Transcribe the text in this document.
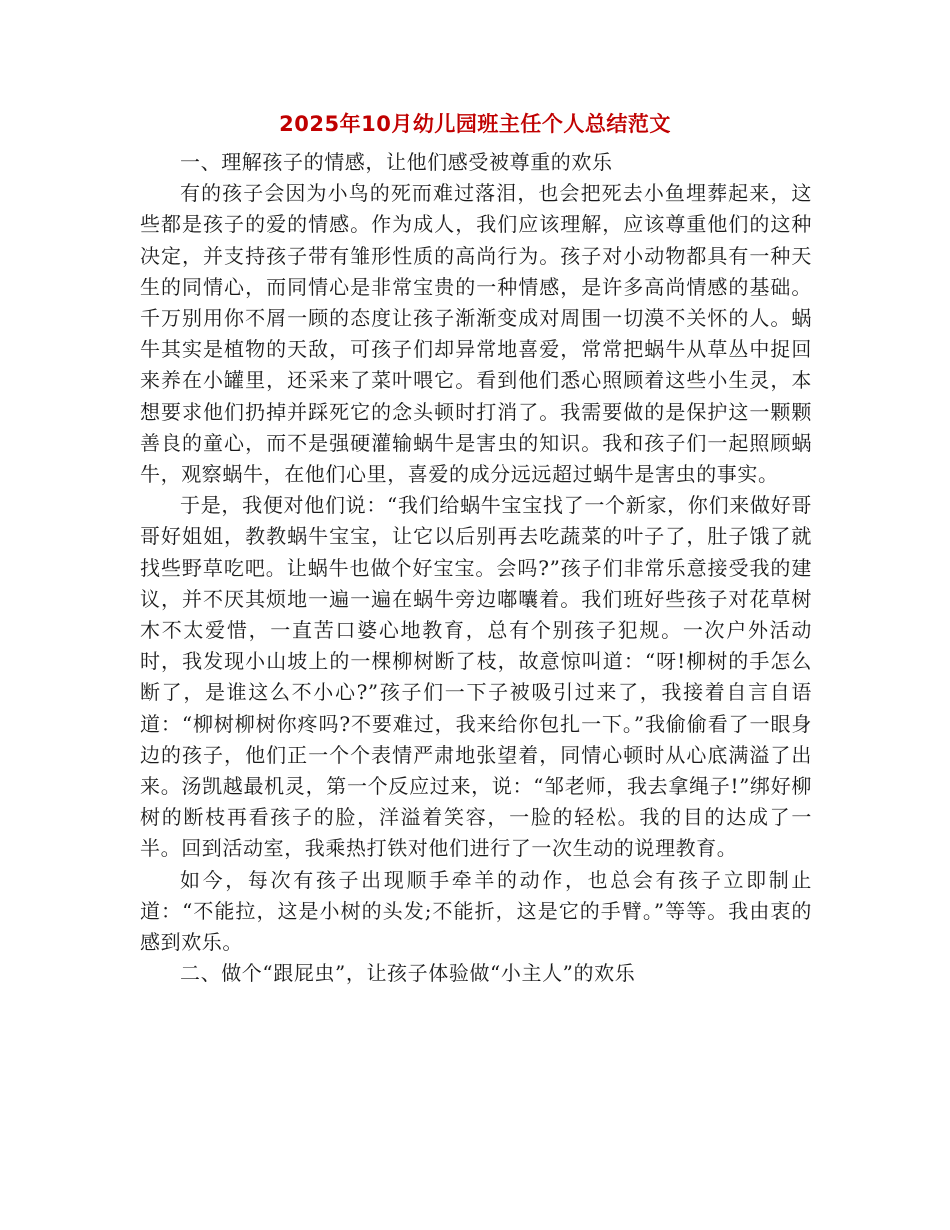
2025年10月幼儿园班主任个人总结范文

一、理解孩子的情感，让他们感受被尊重的欢乐

有的孩子会因为小鸟的死而难过落泪，也会把死去小鱼埋葬起来，这些都是孩子的爱的情感。作为成人，我们应该理解，应该尊重他们的这种决定，并支持孩子带有雏形性质的高尚行为。孩子对小动物都具有一种天生的同情心，而同情心是非常宝贵的一种情感，是许多高尚情感的基础。千万别用你不屑一顾的态度让孩子渐渐变成对周围一切漠不关怀的人。蜗牛其实是植物的天敌，可孩子们却异常地喜爱，常常把蜗牛从草丛中捉回来养在小罐里，还采来了菜叶喂它。看到他们悉心照顾着这些小生灵，本想要求他们扔掉并踩死它的念头顿时打消了。我需要做的是保护这一颗颗善良的童心，而不是强硬灌输蜗牛是害虫的知识。我和孩子们一起照顾蜗牛，观察蜗牛，在他们心里，喜爱的成分远远超过蜗牛是害虫的事实。

于是，我便对他们说：“我们给蜗牛宝宝找了一个新家，你们来做好哥哥好姐姐，教教蜗牛宝宝，让它以后别再去吃蔬菜的叶子了，肚子饿了就找些野草吃吧。让蜗牛也做个好宝宝。会吗?”孩子们非常乐意接受我的建议，并不厌其烦地一遍一遍在蜗牛旁边嘟囔着。我们班好些孩子对花草树木不太爱惜，一直苦口婆心地教育，总有个别孩子犯规。一次户外活动时，我发现小山坡上的一棵柳树断了枝，故意惊叫道：“呀!柳树的手怎么断了，是谁这么不小心?”孩子们一下子被吸引过来了，我接着自言自语道：“柳树柳树你疼吗?不要难过，我来给你包扎一下。”我偷偷看了一眼身边的孩子，他们正一个个表情严肃地张望着，同情心顿时从心底满溢了出来。汤凯越最机灵，第一个反应过来，说：“邹老师，我去拿绳子!”绑好柳树的断枝再看孩子的脸，洋溢着笑容，一脸的轻松。我的目的达成了一半。回到活动室，我乘热打铁对他们进行了一次生动的说理教育。

如今，每次有孩子出现顺手牵羊的动作，也总会有孩子立即制止道：“不能拉，这是小树的头发;不能折，这是它的手臂。”等等。我由衷的感到欢乐。

二、做个“跟屁虫”，让孩子体验做“小主人”的欢乐
